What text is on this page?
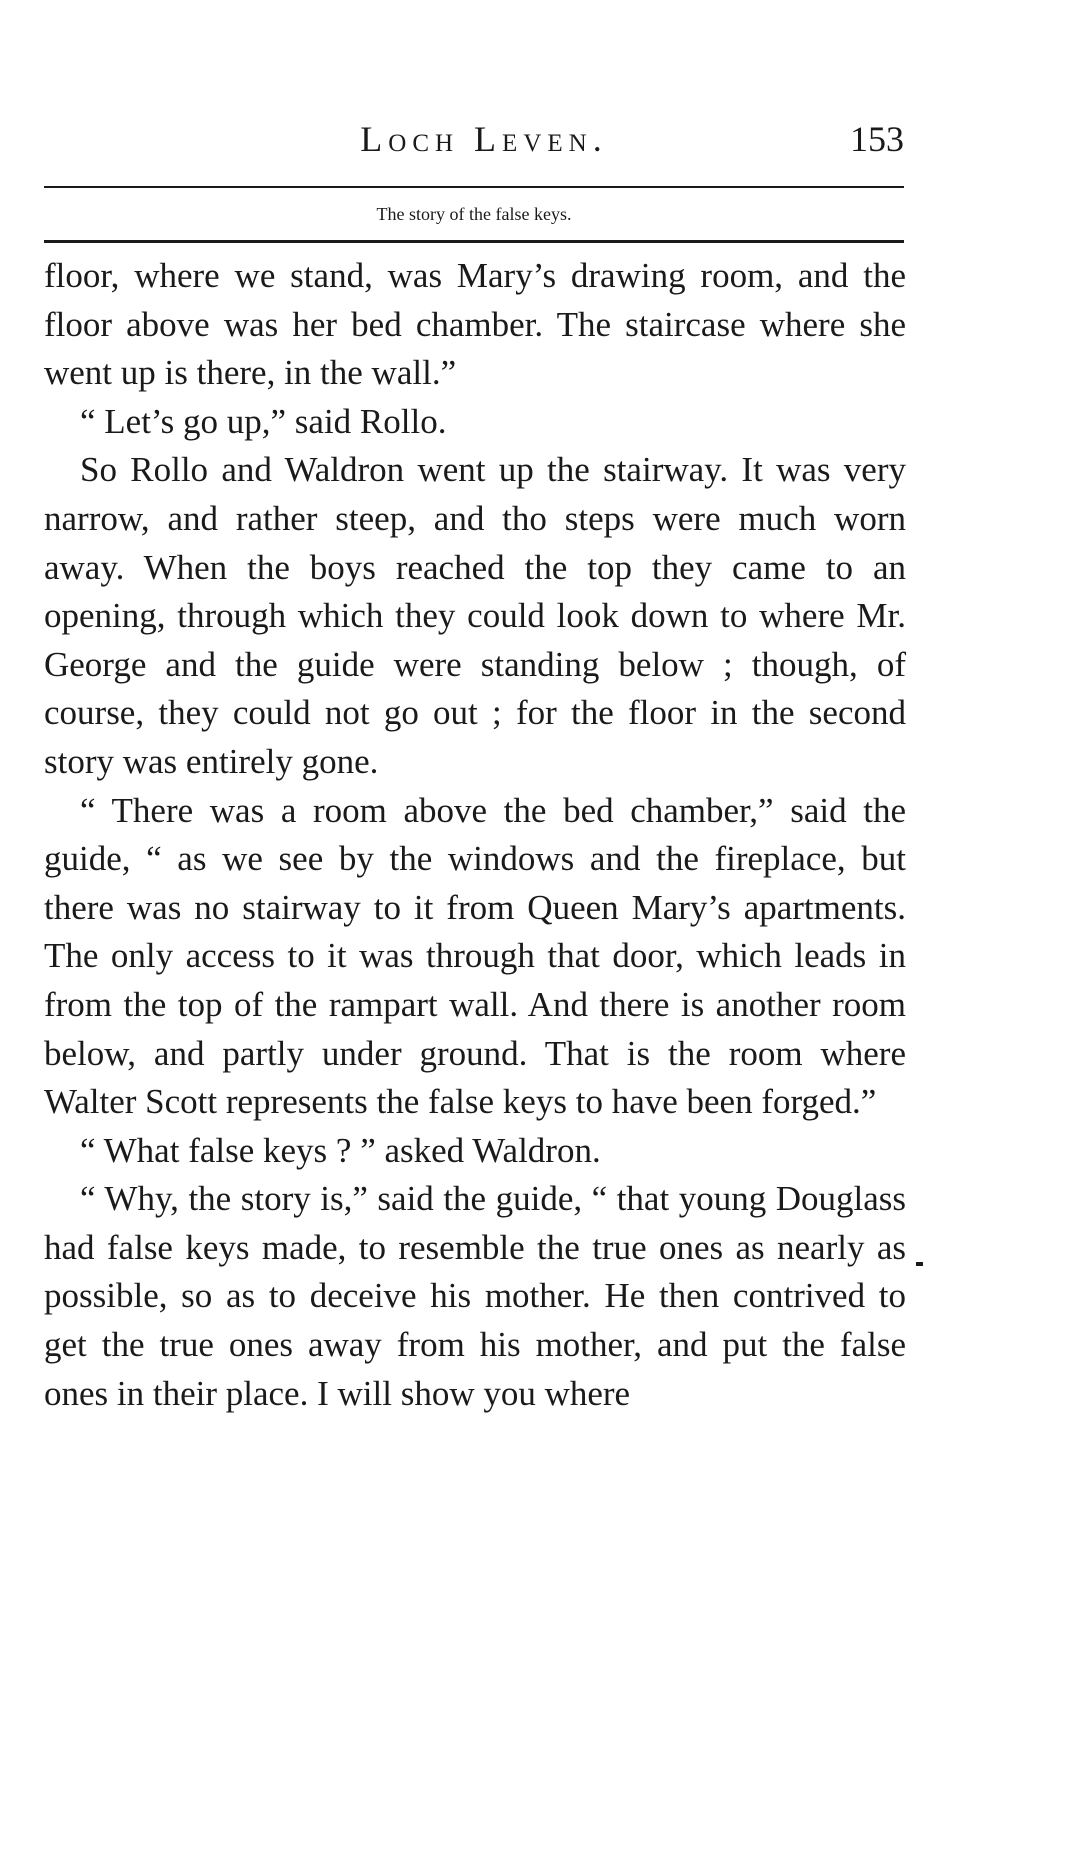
Loch Leven.	153
The story of the false keys.

floor, where we stand, was Mary’s drawing room, and the floor above was her bed chamber. The staircase where she went up is there, in the wall.”

“ Let’s go up,” said Rollo.

So Rollo and Waldron went up the stairway. It was very narrow, and rather steep, and tho steps were much worn away. When the boys reached the top they came to an opening, through which they could look down to where Mr. George and the guide were standing below ; though, of course, they could not go out ; for the floor in the second story was entirely gone.

“ There was a room above the bed chamber,” said the guide, “ as we see by the windows and the fireplace, but there was no stairway to it from Queen Mary’s apartments. The only access to it was through that door, which leads in from the top of the rampart wall. And there is another room below, and partly under ground. That is the room where Walter Scott represents the false keys to have been forged.”

“ What false keys ? ” asked Waldron.

“ Why, the story is,” said the guide, “ that young Douglass had false keys made, to resemble the true ones as nearly as possible, so as to deceive his mother. He then contrived to get the true ones away from his mother, and put the false ones in their place. I will show you where
